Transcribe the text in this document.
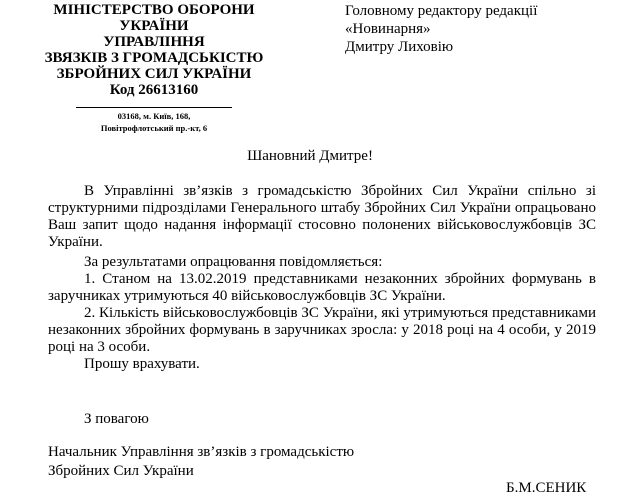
МІНІСТЕРСТВО ОБОРОНИ
УКРАЇНИ
УПРАВЛІННЯ
ЗВЯЗКІВ З ГРОМАДСЬКІСТЮ
ЗБРОЙНИХ СИЛ УКРАЇНИ
Код 26613160
03168, м. Київ, 168,
Повітрофлотський пр.-кт, 6
Головному редактору редакції
«Новинарня»
Дмитру Лиховію
Шановний Дмитре!
В Управлінні зв’язків з громадськістю Збройних Сил України спільно зі структурними підрозділами Генерального штабу Збройних Сил України опрацьовано Ваш запит щодо надання інформації стосовно полонених військовослужбовців ЗС України.
За результатами опрацювання повідомляється:
1. Станом на 13.02.2019 представниками незаконних збройних формувань в заручниках утримуються 40 військовослужбовців ЗС України.
2. Кількість військовослужбовців ЗС України, які утримуються представниками незаконних збройних формувань в заручниках зросла: у 2018 році на 4 особи, у 2019 році на 3 особи.
Прошу врахувати.
З повагою
Начальник Управління зв’язків з громадськістю
Збройних Сил України
Б.М.СЕНИК
